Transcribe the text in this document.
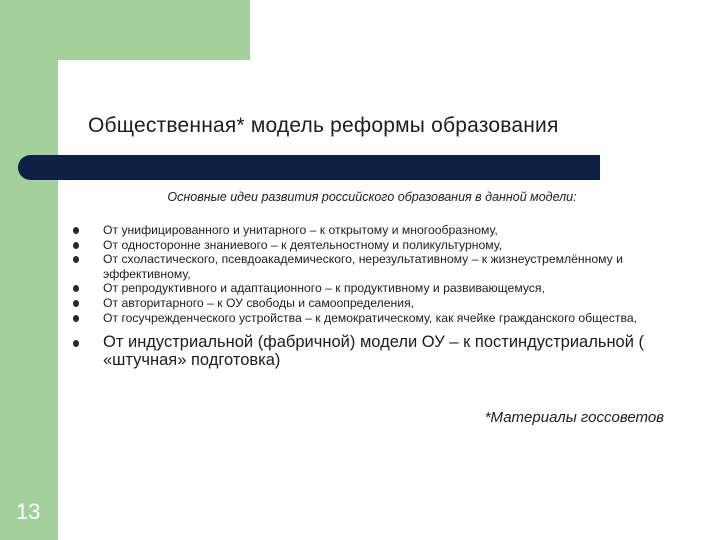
Общественная* модель реформы образования
Основные идеи развития российского образования в данной модели:
От унифицированного и унитарного – к открытому и многообразному,
От односторонне знаниевого – к деятельностному и поликультурному,
От схоластического, псевдоакадемического, нерезультативному – к жизнеустремлённому и эффективному,
От репродуктивного и адаптационного – к продуктивному и развивающемуся,
От авторитарного – к ОУ свободы и самоопределения,
От госучрежденческого устройства – к демократическому, как ячейке гражданского общества,
От индустриальной (фабричной) модели ОУ – к постиндустриальной ( «штучная» подготовка)
*Материалы госсоветов
13
